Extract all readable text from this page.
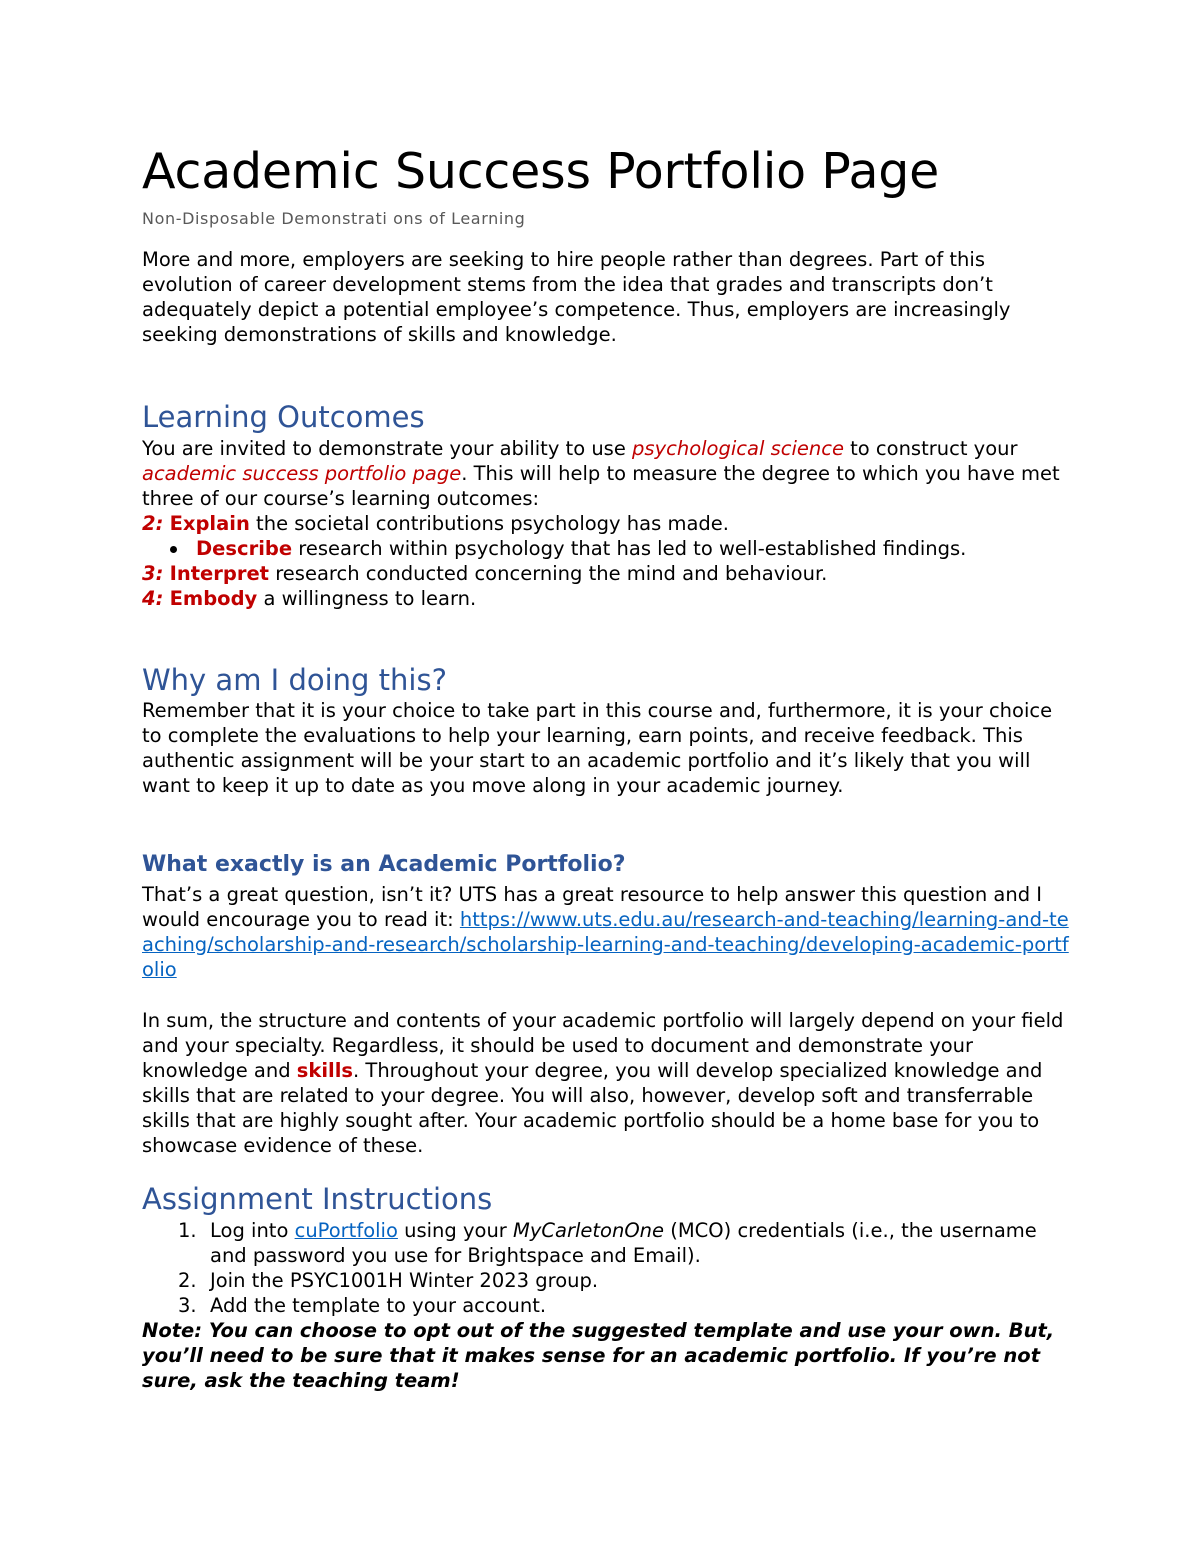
Academic Success Portfolio Page
Non-Disposable Demonstrati ons of Learning

More and more, employers are seeking to hire people rather than degrees. Part of this evolution of career development stems from the idea that grades and transcripts don’t adequately depict a potential employee’s competence. Thus, employers are increasingly seeking demonstrations of skills and knowledge.

Learning Outcomes

You are invited to demonstrate your ability to use psychological science to construct your academic success portfolio page. This will help to measure the degree to which you have met three of our course’s learning outcomes:

2: Explain the societal contributions psychology has made.

Describe research within psychology that has led to well-established findings.

3: Interpret research conducted concerning the mind and behaviour.

4: Embody a willingness to learn.

Why am I doing this?

Remember that it is your choice to take part in this course and, furthermore, it is your choice to complete the evaluations to help your learning, earn points, and receive feedback. This authentic assignment will be your start to an academic portfolio and it’s likely that you will want to keep it up to date as you move along in your academic journey.

What exactly is an Academic Portfolio?

That’s a great question, isn’t it? UTS has a great resource to help answer this question and I would encourage you to read it: https://www.uts.edu.au/research-and-teaching/learning-and-teaching/scholarship-and-research/scholarship-learning-and-teaching/developing-academic-portfolio

In sum, the structure and contents of your academic portfolio will largely depend on your field and your specialty. Regardless, it should be used to document and demonstrate your knowledge and skills. Throughout your degree, you will develop specialized knowledge and skills that are related to your degree. You will also, however, develop soft and transferrable skills that are highly sought after. Your academic portfolio should be a home base for you to showcase evidence of these.

Assignment Instructions

1. Log into cuPortfolio using your MyCarletonOne (MCO) credentials (i.e., the username and password you use for Brightspace and Email).

2. Join the PSYC1001H Winter 2023 group.

3. Add the template to your account.

Note: You can choose to opt out of the suggested template and use your own. But, you’ll need to be sure that it makes sense for an academic portfolio. If you’re not sure, ask the teaching team!
